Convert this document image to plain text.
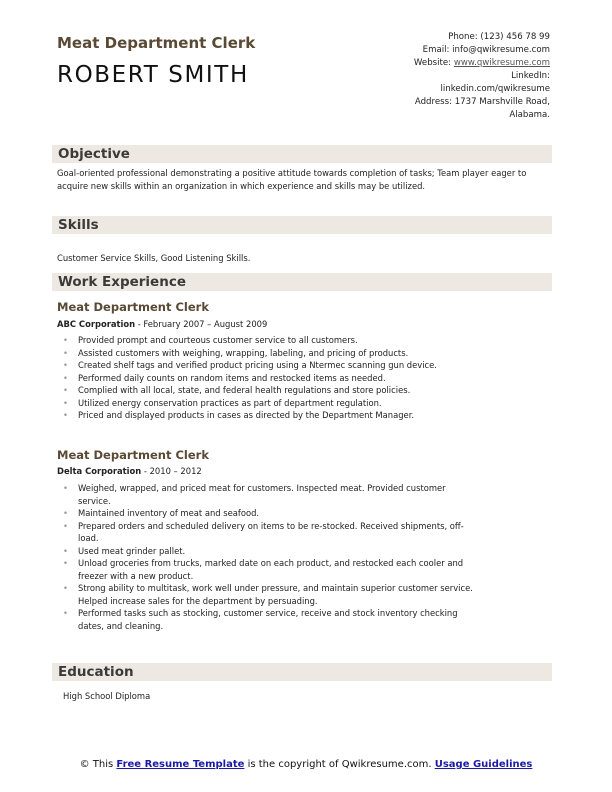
Meat Department Clerk
ROBERT SMITH
Phone: (123) 456 78 99
Email: info@qwikresume.com
Website: www.qwikresume.com
LinkedIn:
linkedin.com/qwikresume
Address: 1737 Marshville Road,
Alabama.
Objective
Goal-oriented professional demonstrating a positive attitude towards completion of tasks; Team player eager to acquire new skills within an organization in which experience and skills may be utilized.
Skills
Customer Service Skills, Good Listening Skills.
Work Experience
Meat Department Clerk
ABC Corporation - February 2007 – August 2009
• Provided prompt and courteous customer service to all customers.
• Assisted customers with weighing, wrapping, labeling, and pricing of products.
• Created shelf tags and verified product pricing using a Ntermec scanning gun device.
• Performed daily counts on random items and restocked items as needed.
• Complied with all local, state, and federal health regulations and store policies.
• Utilized energy conservation practices as part of department regulation.
• Priced and displayed products in cases as directed by the Department Manager.
Meat Department Clerk
Delta Corporation - 2010 – 2012
• Weighed, wrapped, and priced meat for customers. Inspected meat. Provided customer service.
• Maintained inventory of meat and seafood.
• Prepared orders and scheduled delivery on items to be re-stocked. Received shipments, off-load.
• Used meat grinder pallet.
• Unload groceries from trucks, marked date on each product, and restocked each cooler and freezer with a new product.
• Strong ability to multitask, work well under pressure, and maintain superior customer service. Helped increase sales for the department by persuading.
• Performed tasks such as stocking, customer service, receive and stock inventory checking dates, and cleaning.
Education
High School Diploma
© This Free Resume Template is the copyright of Qwikresume.com. Usage Guidelines
